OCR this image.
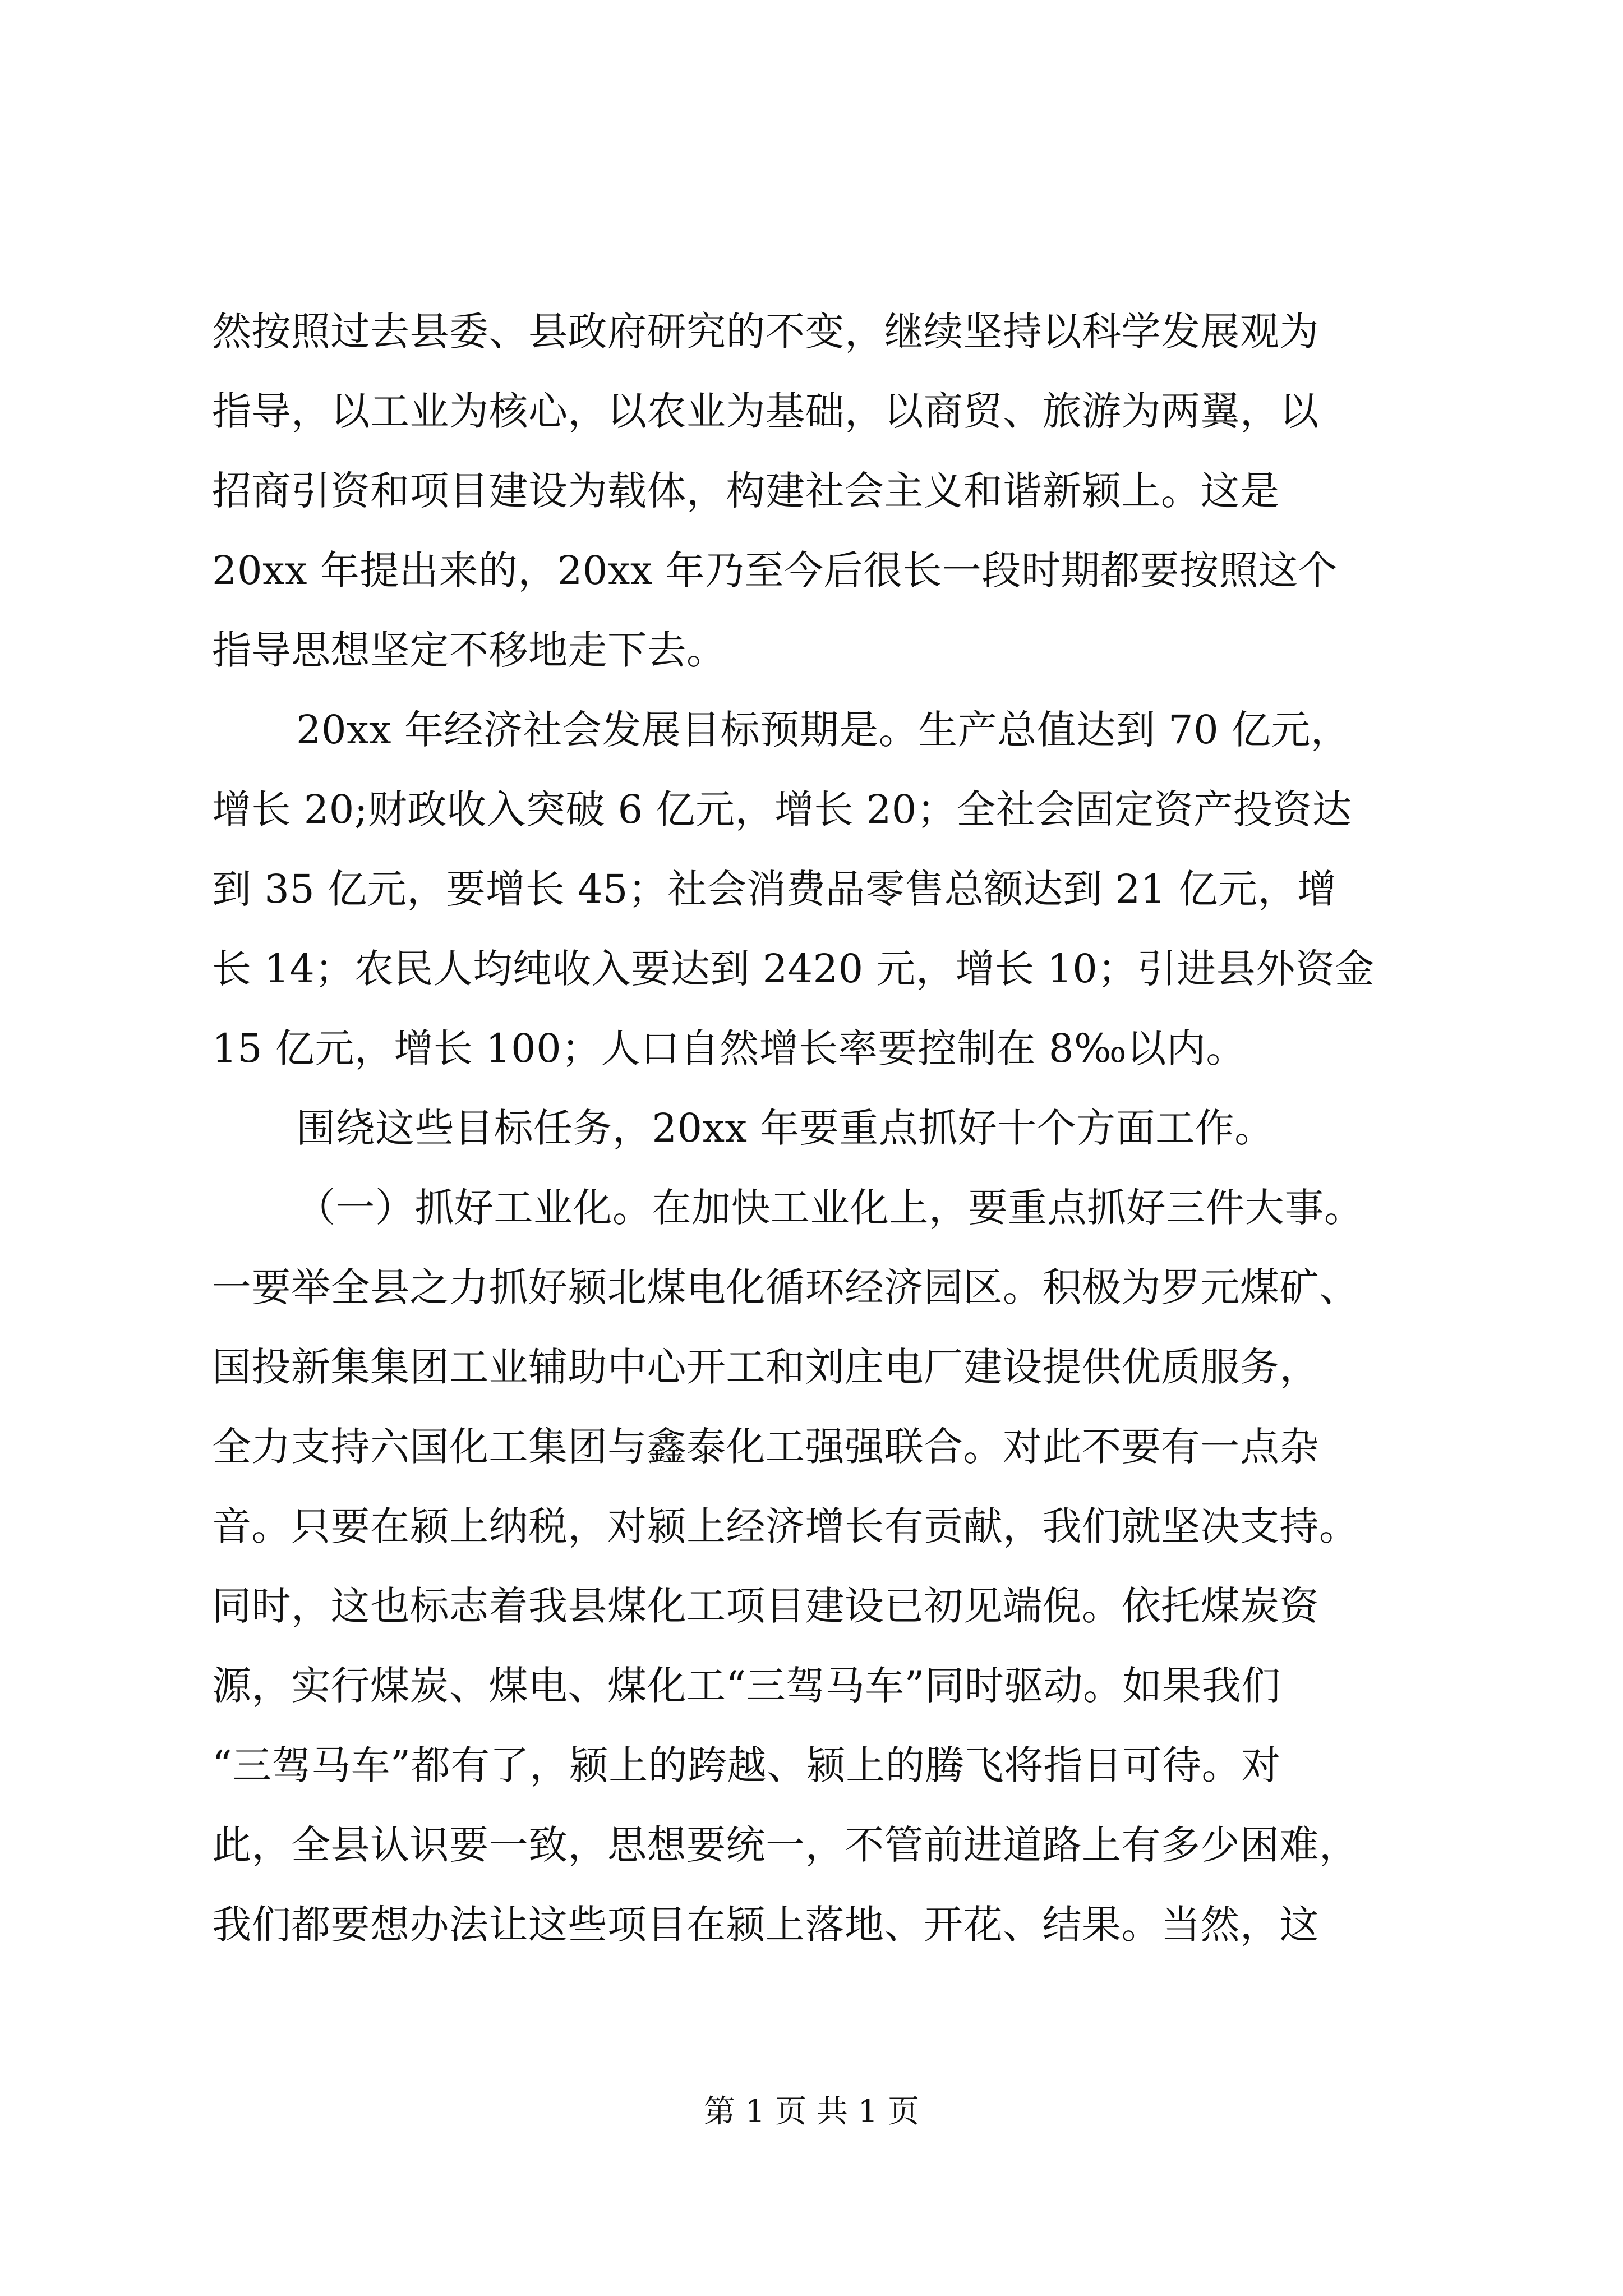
然按照过去县委、县政府研究的不变，继续坚持以科学发展观为
指导，以工业为核心，以农业为基础，以商贸、旅游为两翼，以
招商引资和项目建设为载体，构建社会主义和谐新颍上。这是
20xx 年提出来的，20xx 年乃至今后很长一段时期都要按照这个
指导思想坚定不移地走下去。
20xx 年经济社会发展目标预期是。生产总值达到 70 亿元，
增长 20;财政收入突破 6 亿元，增长 20；全社会固定资产投资达
到 35 亿元，要增长 45；社会消费品零售总额达到 21 亿元，增
长 14；农民人均纯收入要达到 2420 元，增长 10；引进县外资金
15 亿元，增长 100；人口自然增长率要控制在 8‰以内。
围绕这些目标任务，20xx 年要重点抓好十个方面工作。
（一）抓好工业化。在加快工业化上，要重点抓好三件大事。
一要举全县之力抓好颍北煤电化循环经济园区。积极为罗元煤矿、
国投新集集团工业辅助中心开工和刘庄电厂建设提供优质服务，
全力支持六国化工集团与鑫泰化工强强联合。对此不要有一点杂
音。只要在颍上纳税，对颍上经济增长有贡献，我们就坚决支持。
同时，这也标志着我县煤化工项目建设已初见端倪。依托煤炭资
源，实行煤炭、煤电、煤化工“三驾马车”同时驱动。如果我们
“三驾马车”都有了，颍上的跨越、颍上的腾飞将指日可待。对
此，全县认识要一致，思想要统一，不管前进道路上有多少困难，
我们都要想办法让这些项目在颍上落地、开花、结果。当然，这
第 1 页 共 1 页
